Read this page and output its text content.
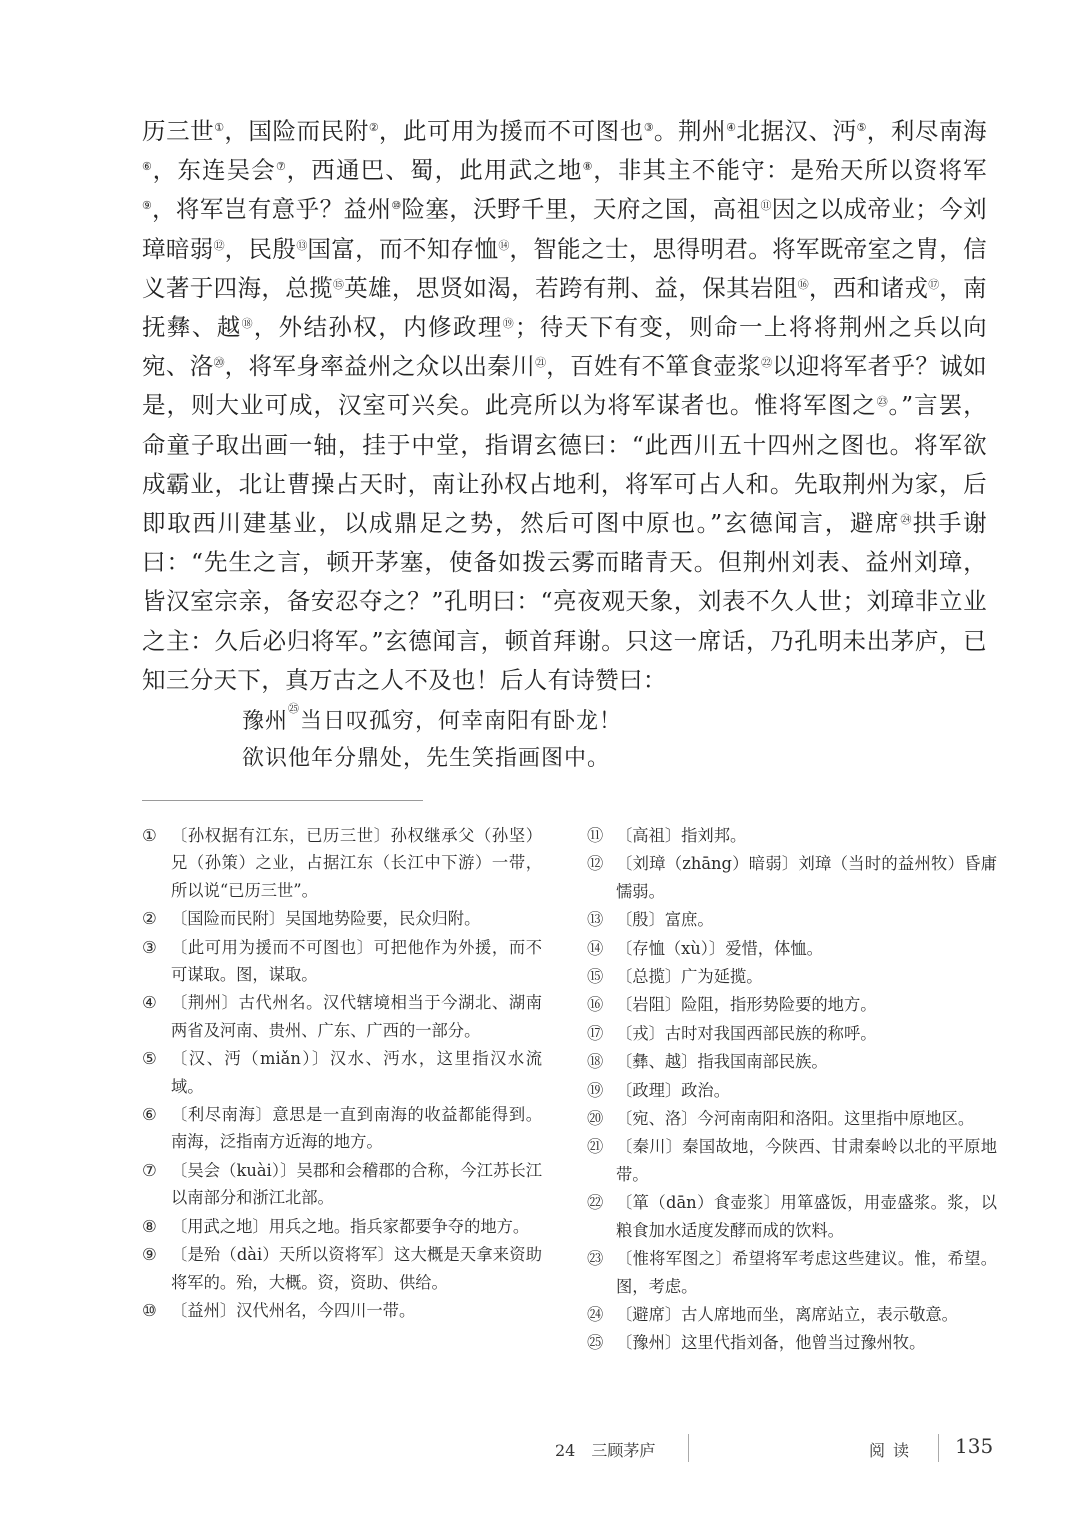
历三世①，国险而民附②，此可用为援而不可图也③。荆州④北据汉、沔⑤，利尽南海⑥，东连吴会⑦，西通巴、蜀，此用武之地⑧，非其主不能守：是殆天所以资将军⑨，将军岂有意乎？益州⑩险塞，沃野千里，天府之国，高祖⑪因之以成帝业；今刘璋暗弱⑫，民殷⑬国富，而不知存恤⑭，智能之士，思得明君。将军既帝室之胄，信义著于四海，总揽⑮英雄，思贤如渴，若跨有荆、益，保其岩阻⑯，西和诸戎⑰，南抚彝、越⑱，外结孙权，内修政理⑲；待天下有变，则命一上将将荆州之兵以向宛、洛⑳，将军身率益州之众以出秦川$^㉑$，百姓有不箪食壶浆$^㉒$以迎将军者乎？诚如是，则大业可成，汉室可兴矣。此亮所以为将军谋者也。惟将军图之$^㉓$。”言罢，命童子取出画一轴，挂于中堂，指谓玄德曰：“此西川五十四州之图也。将军欲成霸业，北让曹操占天时，南让孙权占地利，将军可占人和。先取荆州为家，后即取西川建基业，以成鼎足之势，然后可图中原也。”玄德闻言，避席$^㉔$拱手谢曰：“先生之言，顿开茅塞，使备如拨云雾而睹青天。但荆州刘表、益州刘璋，皆汉室宗亲，备安忍夺之？”孔明曰：“亮夜观天象，刘表不久人世；刘璋非立业之主：久后必归将军。”玄德闻言，顿首拜谢。只这一席话，乃孔明未出茅庐，已知三分天下，真万古之人不及也！后人有诗赞曰：

豫州$^㉕$当日叹孤穷，何幸南阳有卧龙！
欲识他年分鼎处，先生笑指画图中。
① 〔孙权据有江东，已历三世〕孙权继承父（孙坚）兄（孙策）之业，占据江东（长江中下游）一带，所以说“已历三世”。
② 〔国险而民附〕吴国地势险要，民众归附。
③ 〔此可用为援而不可图也〕可把他作为外援，而不可谋取。图，谋取。
④ 〔荆州〕古代州名。汉代辖境相当于今湖北、湖南两省及河南、贵州、广东、广西的一部分。
⑤ 〔汉、沔（miǎn）〕汉水、沔水，这里指汉水流域。
⑥ 〔利尽南海〕意思是一直到南海的收益都能得到。南海，泛指南方近海的地方。
⑦ 〔吴会（kuài）〕吴郡和会稽郡的合称，今江苏长江以南部分和浙江北部。
⑧ 〔用武之地〕用兵之地。指兵家都要争夺的地方。
⑨ 〔是殆（dài）天所以资将军〕这大概是天拿来资助将军的。殆，大概。资，资助、供给。
⑩ 〔益州〕汉代州名，今四川一带。
⑪ 〔高祖〕指刘邦。
⑫ 〔刘璋（zhāng）暗弱〕刘璋（当时的益州牧）昏庸懦弱。
⑬ 〔殷〕富庶。
⑭ 〔存恤（xù）〕爱惜，体恤。
⑮ 〔总揽〕广为延揽。
⑯ 〔岩阻〕险阻，指形势险要的地方。
⑰ 〔戎〕古时对我国西部民族的称呼。
⑱ 〔彝、越〕指我国南部民族。
⑲ 〔政理〕政治。
⑳ 〔宛、洛〕今河南南阳和洛阳。这里指中原地区。
㉑ 〔秦川〕秦国故地，今陕西、甘肃秦岭以北的平原地带。
㉒ 〔箪（dān）食壶浆〕用箪盛饭，用壶盛浆。浆，以粮食加水适度发酵而成的饮料。
㉓ 〔惟将军图之〕希望将军考虑这些建议。惟，希望。图，考虑。
㉔ 〔避席〕古人席地而坐，离席站立，表示敬意。
㉕ 〔豫州〕这里代指刘备，他曾当过豫州牧。
24　三顾茅庐	阅读 135
